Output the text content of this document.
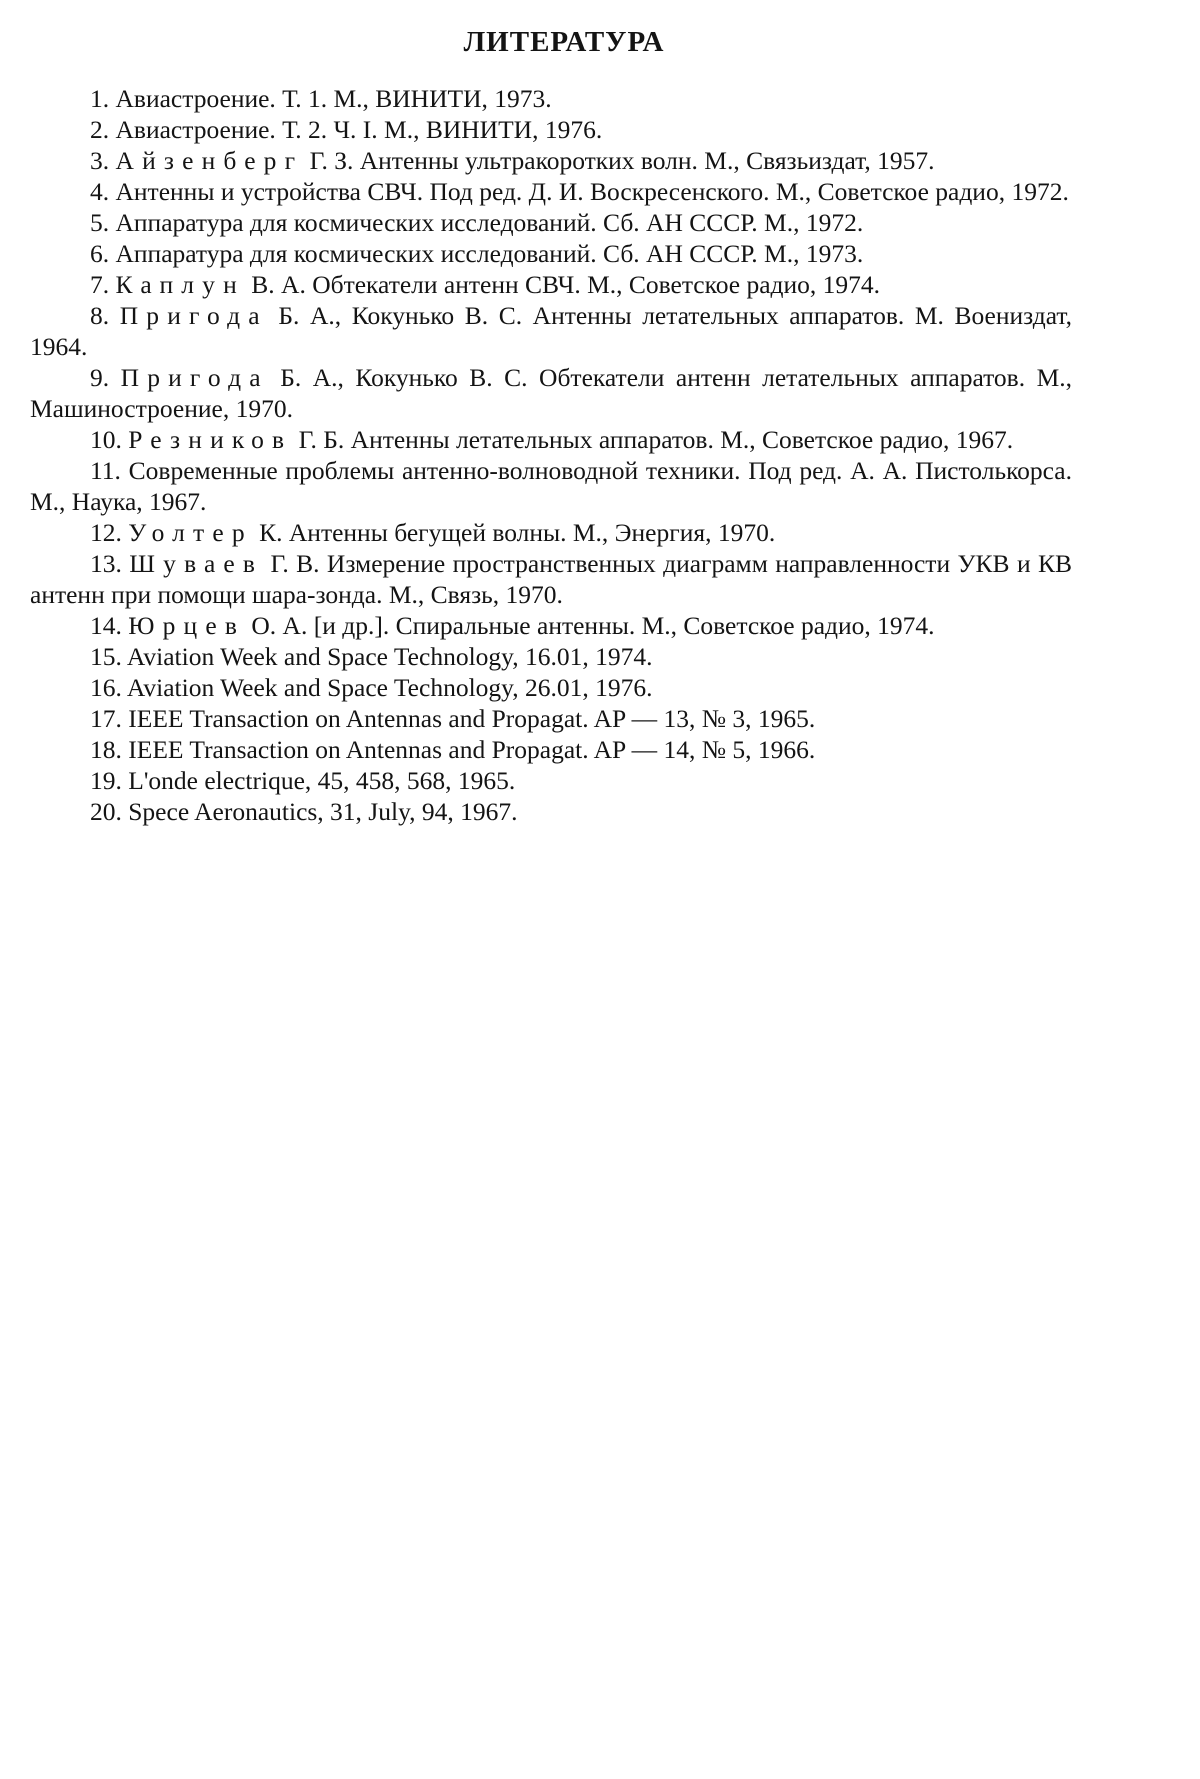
ЛИТЕРАТУРА
1. Авиастроение. Т. 1. М., ВИНИТИ, 1973.
2. Авиастроение. Т. 2. Ч. I. М., ВИНИТИ, 1976.
3. Айзенберг Г. З. Антенны ультракоротких волн. М., Связьиздат, 1957.
4. Антенны и устройства СВЧ. Под ред. Д. И. Воскресенского. М., Советское радио, 1972.
5. Аппаратура для космических исследований. Сб. АН СССР. М., 1972.
6. Аппаратура для космических исследований. Сб. АН СССР. М., 1973.
7. Каплун В. А. Обтекатели антенн СВЧ. М., Советское радио, 1974.
8. Пригода Б. А., Кокунько В. С. Антенны летательных аппаратов. М. Воениздат, 1964.
9. Пригода Б. А., Кокунько В. С. Обтекатели антенн летательных аппаратов. М., Машиностроение, 1970.
10. Резников Г. Б. Антенны летательных аппаратов. М., Советское радио, 1967.
11. Современные проблемы антенно-волноводной техники. Под ред. А. А. Пистолькорса. М., Наука, 1967.
12. Уолтер К. Антенны бегущей волны. М., Энергия, 1970.
13. Шуваев Г. В. Измерение пространственных диаграмм направленности УКВ и КВ антенн при помощи шара-зонда. М., Связь, 1970.
14. Юрцев О. А. [и др.]. Спиральные антенны. М., Советское радио, 1974.
15. Aviation Week and Space Technology, 16.01, 1974.
16. Aviation Week and Space Technology, 26.01, 1976.
17. IEEE Transaction on Antennas and Propagat. AP — 13, № 3, 1965.
18. IEEE Transaction on Antennas and Propagat. AP — 14, № 5, 1966.
19. L'onde electrique, 45, 458, 568, 1965.
20. Spece Aeronautics, 31, July, 94, 1967.
